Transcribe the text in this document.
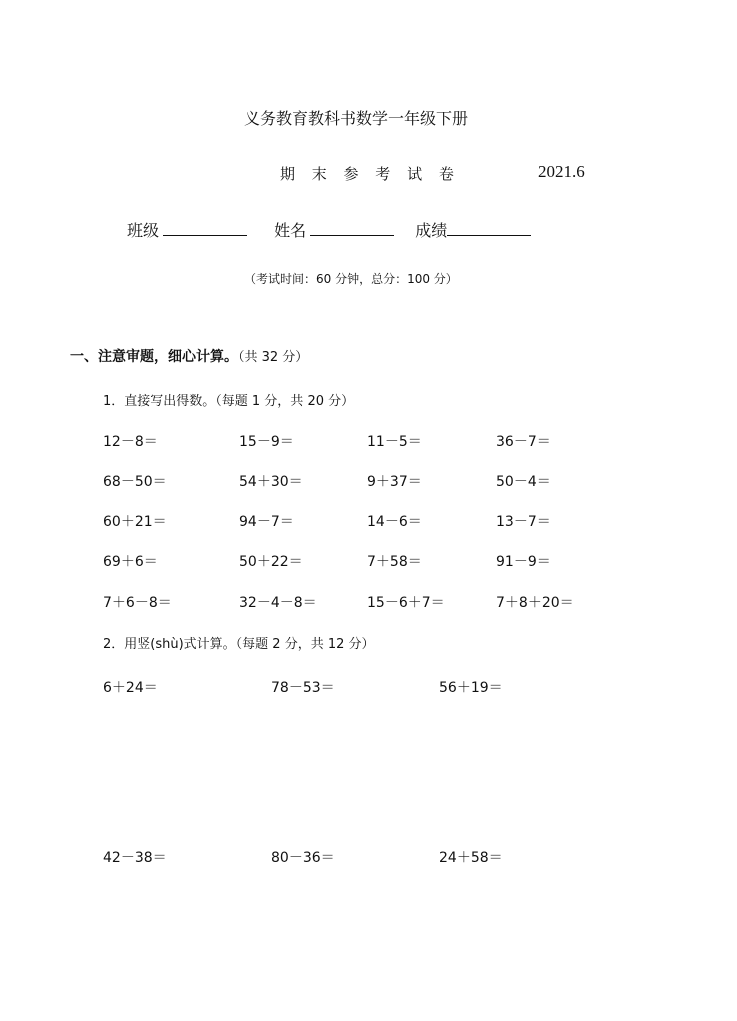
义务教育教科书数学一年级下册
期 末 参 考 试 卷	2021.6
班级	姓名	成绩
（考试时间：60 分钟，总分：100 分）
一、注意审题，细心计算。（共 32 分）
1．直接写出得数。（每题 1 分，共 20 分）
12－8＝	15－9＝	11－5＝	36－7＝
68－50＝	54＋30＝	9＋37＝	50－4＝
60＋21＝	94－7＝	14－6＝	13－7＝
69＋6＝	50＋22＝	7＋58＝	91－9＝
7＋6－8＝	32－4－8＝	15－6＋7＝	7＋8＋20＝
2．用竖(shù)式计算。（每题 2 分，共 12 分）
6＋24＝	78－53＝	56＋19＝
42－38＝	80－36＝	24＋58＝
